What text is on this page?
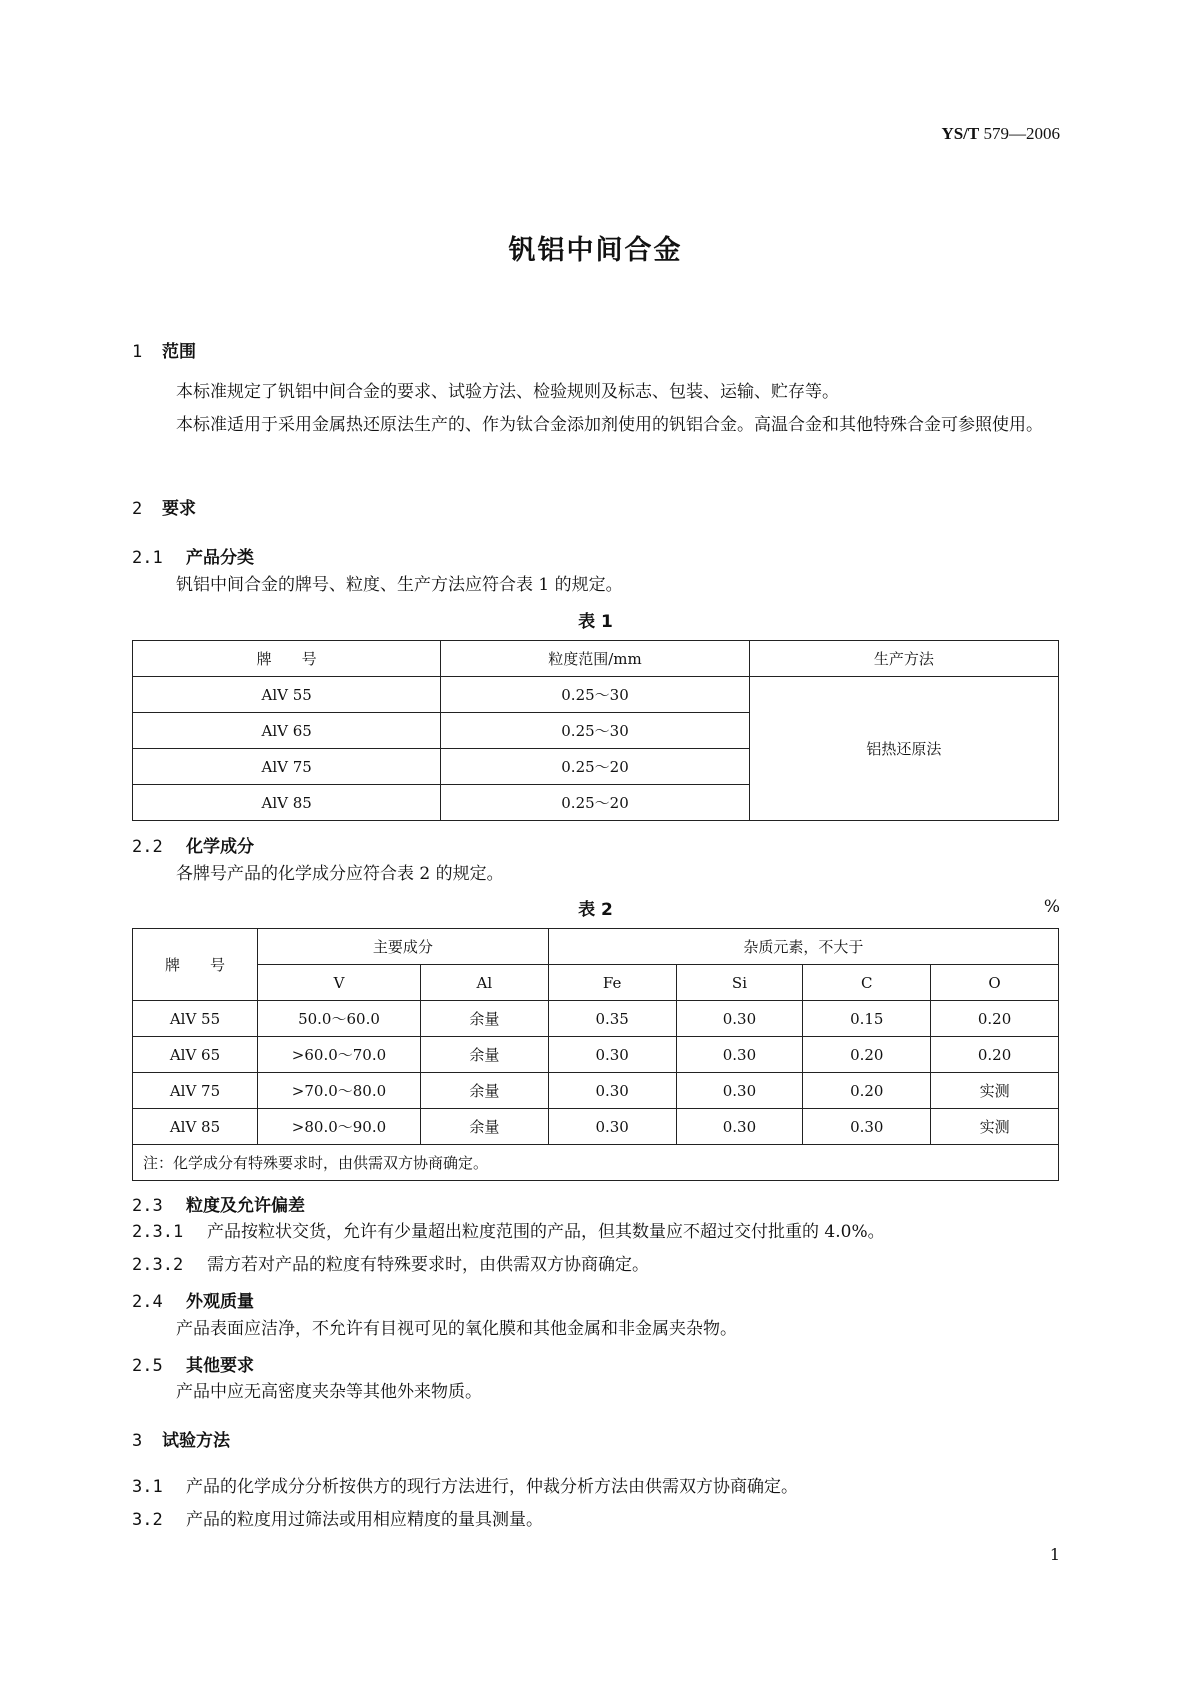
YS/T 579—2006
钒铝中间合金
1 范围
本标准规定了钒铝中间合金的要求、试验方法、检验规则及标志、包装、运输、贮存等。
本标准适用于采用金属热还原法生产的、作为钛合金添加剂使用的钒铝合金。高温合金和其他特殊合金可参照使用。
2 要求
2.1 产品分类
钒铝中间合金的牌号、粒度、生产方法应符合表 1 的规定。
表 1
牌　　号	粒度范围/mm	生产方法
AlV 55	0.25～30	铝热还原法
AlV 65	0.25～30	
AlV 75	0.25～20	
AlV 85	0.25～20	
2.2 化学成分
各牌号产品的化学成分应符合表 2 的规定。
表 2	%
牌　　号	主要成分		杂质元素，不大于			
	V	Al	Fe	Si	C	O
AlV 55	50.0～60.0	余量	0.35	0.30	0.15	0.20
AlV 65	>60.0～70.0	余量	0.30	0.30	0.20	0.20
AlV 75	>70.0～80.0	余量	0.30	0.30	0.20	实测
AlV 85	>80.0～90.0	余量	0.30	0.30	0.30	实测
注：化学成分有特殊要求时，由供需双方协商确定。						
2.3 粒度及允许偏差
2.3.1 产品按粒状交货，允许有少量超出粒度范围的产品，但其数量应不超过交付批重的 4.0%。
2.3.2 需方若对产品的粒度有特殊要求时，由供需双方协商确定。
2.4 外观质量
产品表面应洁净，不允许有目视可见的氧化膜和其他金属和非金属夹杂物。
2.5 其他要求
产品中应无高密度夹杂等其他外来物质。
3 试验方法
3.1 产品的化学成分分析按供方的现行方法进行，仲裁分析方法由供需双方协商确定。
3.2 产品的粒度用过筛法或用相应精度的量具测量。
1
